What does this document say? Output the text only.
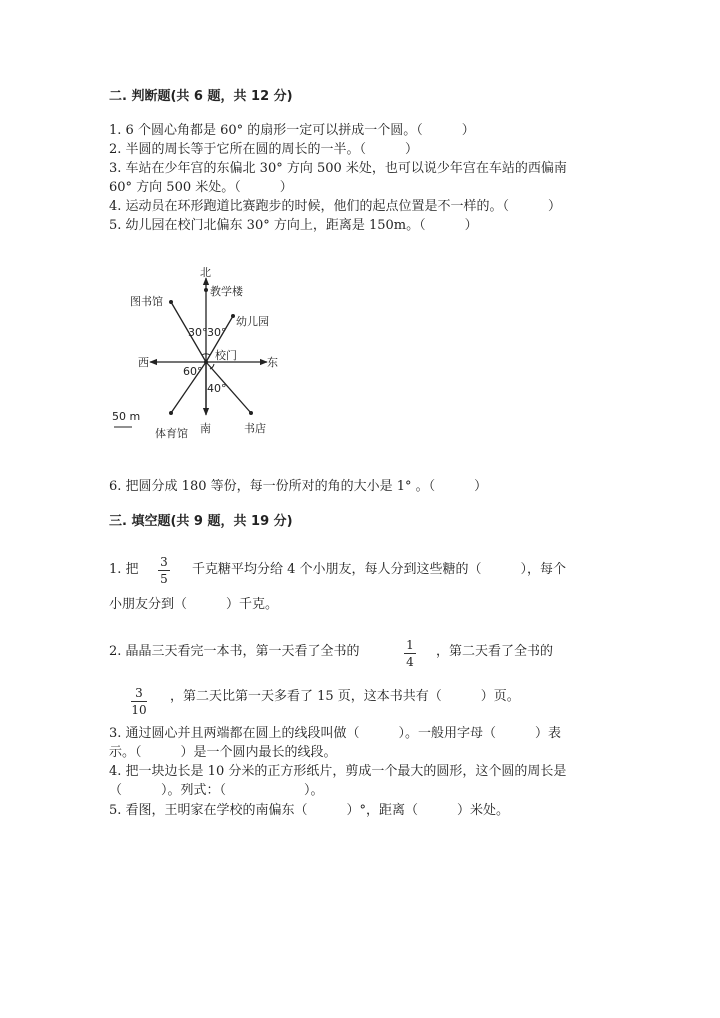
二. 判断题(共 6 题，共 12 分)
1. 6 个圆心角都是 60° 的扇形一定可以拼成一个圆。（　　　）
2. 半圆的周长等于它所在圆的周长的一半。（　　　）
3. 车站在少年宫的东偏北 30° 方向 500 米处，也可以说少年宫在车站的西偏南
60° 方向 500 米处。（　　　）
4. 运动员在环形跑道比赛跑步的时候，他们的起点位置是不一样的。（　　　）
5. 幼儿园在校门北偏东 30° 方向上，距离是 150m。（　　　）
北
教学楼
图书馆
幼儿园
30° 30°
校门
西	东
60°
40°
50 m
体育馆 南	书店
6. 把圆分成 180 等份，每一份所对的角的大小是 1° 。（　　　）
三. 填空题(共 9 题，共 19 分)
1. 把 3
5
千克糖平均分给 4 个小朋友，每人分到这些糖的（　　　），每个
小朋友分到（　　　）千克。
2. 晶晶三天看完一本书，第一天看了全书的	1
4
，第二天看了全书的
3
10
，第二天比第一天多看了 15 页，这本书共有（　　　）页。
3. 通过圆心并且两端都在圆上的线段叫做（　　　）。一般用字母（　　　）表
示。（　　　）是一个圆内最长的线段。
4. 把一块边长是 10 分米的正方形纸片，剪成一个最大的圆形，这个圆的周长是
（　　　）。列式：（　　　　　　）。
5. 看图，王明家在学校的南偏东（　　　）°，距离（　　　）米处。
